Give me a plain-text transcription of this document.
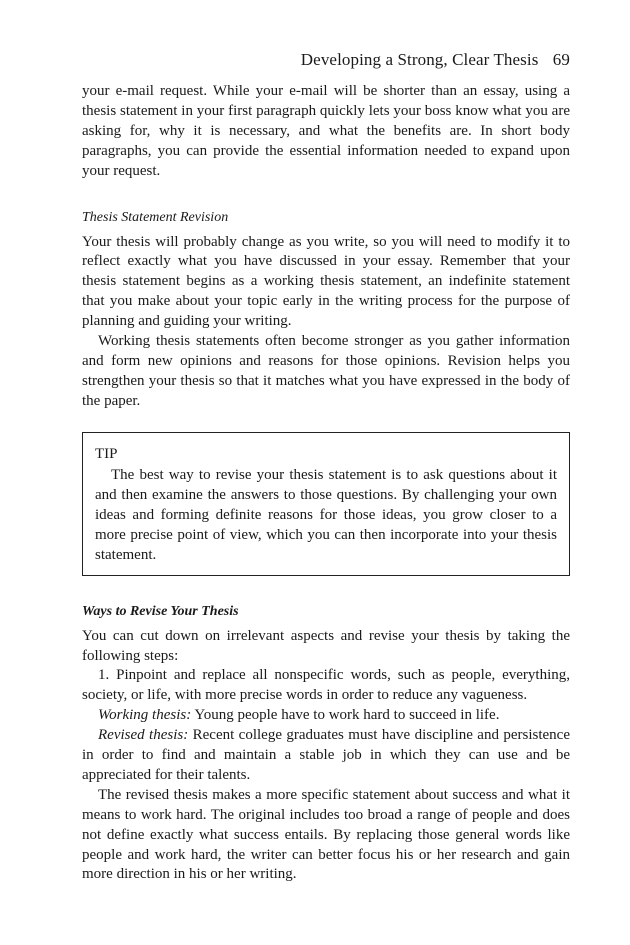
Developing a Strong, Clear Thesis 69

your e-mail request. While your e-mail will be shorter than an essay, using a thesis statement in your first paragraph quickly lets your boss know what you are asking for, why it is necessary, and what the benefits are. In short body paragraphs, you can provide the essential information needed to expand upon your request.

Thesis Statement Revision

Your thesis will probably change as you write, so you will need to modify it to reflect exactly what you have discussed in your essay. Remember that your thesis statement begins as a working thesis statement, an indefinite statement that you make about your topic early in the writing process for the purpose of planning and guiding your writing.

Working thesis statements often become stronger as you gather information and form new opinions and reasons for those opinions. Revision helps you strengthen your thesis so that it matches what you have expressed in the body of the paper.

TIP

The best way to revise your thesis statement is to ask questions about it and then examine the answers to those questions. By challenging your own ideas and forming definite reasons for those ideas, you grow closer to a more precise point of view, which you can then incorporate into your thesis statement.

Ways to Revise Your Thesis

You can cut down on irrelevant aspects and revise your thesis by taking the following steps:

1. Pinpoint and replace all nonspecific words, such as people, everything, society, or life, with more precise words in order to reduce any vagueness.

Working thesis: Young people have to work hard to succeed in life.

Revised thesis: Recent college graduates must have discipline and persistence in order to find and maintain a stable job in which they can use and be appreciated for their talents.

The revised thesis makes a more specific statement about success and what it means to work hard. The original includes too broad a range of people and does not define exactly what success entails. By replacing those general words like people and work hard, the writer can better focus his or her research and gain more direction in his or her writing.
